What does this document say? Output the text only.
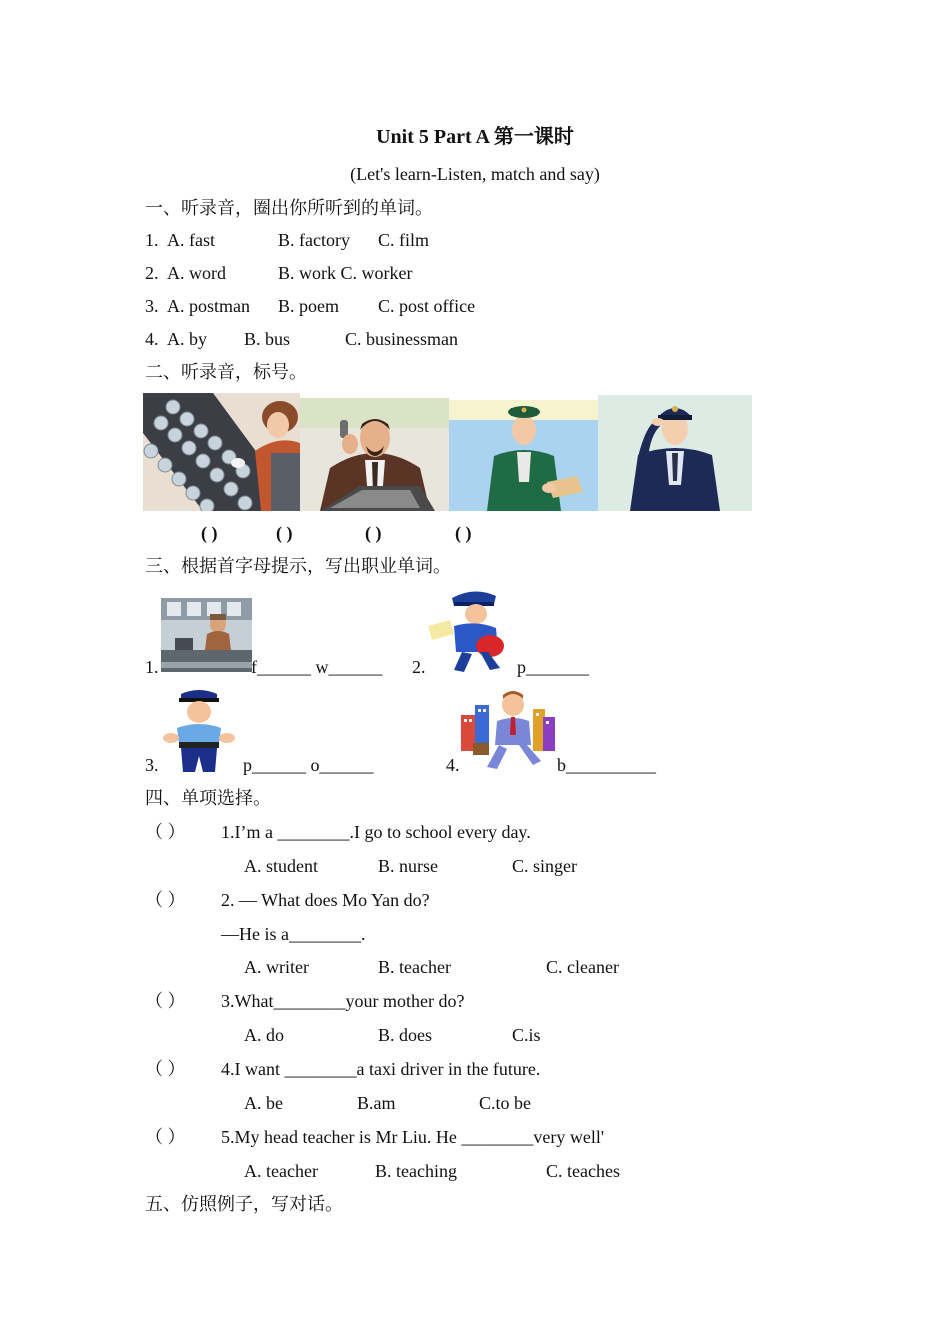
Unit 5 Part A 第一课时
(Let's learn-Listen, match and say)
一、听录音，圈出你所听到的单词。
1. A. fast	B. factory C. film
2. A. word	B. work C. worker
3. A. postman B. poem C. post office
4. A. by B. bus	C. businessman
二、听录音，标号。
( )	( )	( )	( )
三、根据首字母提示，写出职业单词。
1.	f______ w______ 2.	p_______
3.	p______ o______	4.	b__________
四、单项选择。
（ ） 1.I’m a ________.I go to school every day.
A. student	B. nurse	C. singer
（ ） 2. — What does Mo Yan do?
—He is a________.
A. writer	B. teacher	C. cleaner
（ ） 3.What________your mother do?
A. do	B. does	C.is
（ ） 4.I want ________a taxi driver in the future.
A. be	B.am	C.to be
（ ） 5.My head teacher is Mr Liu. He ________very well'
A. teacher	B. teaching	C. teaches
五、仿照例子，写对话。
